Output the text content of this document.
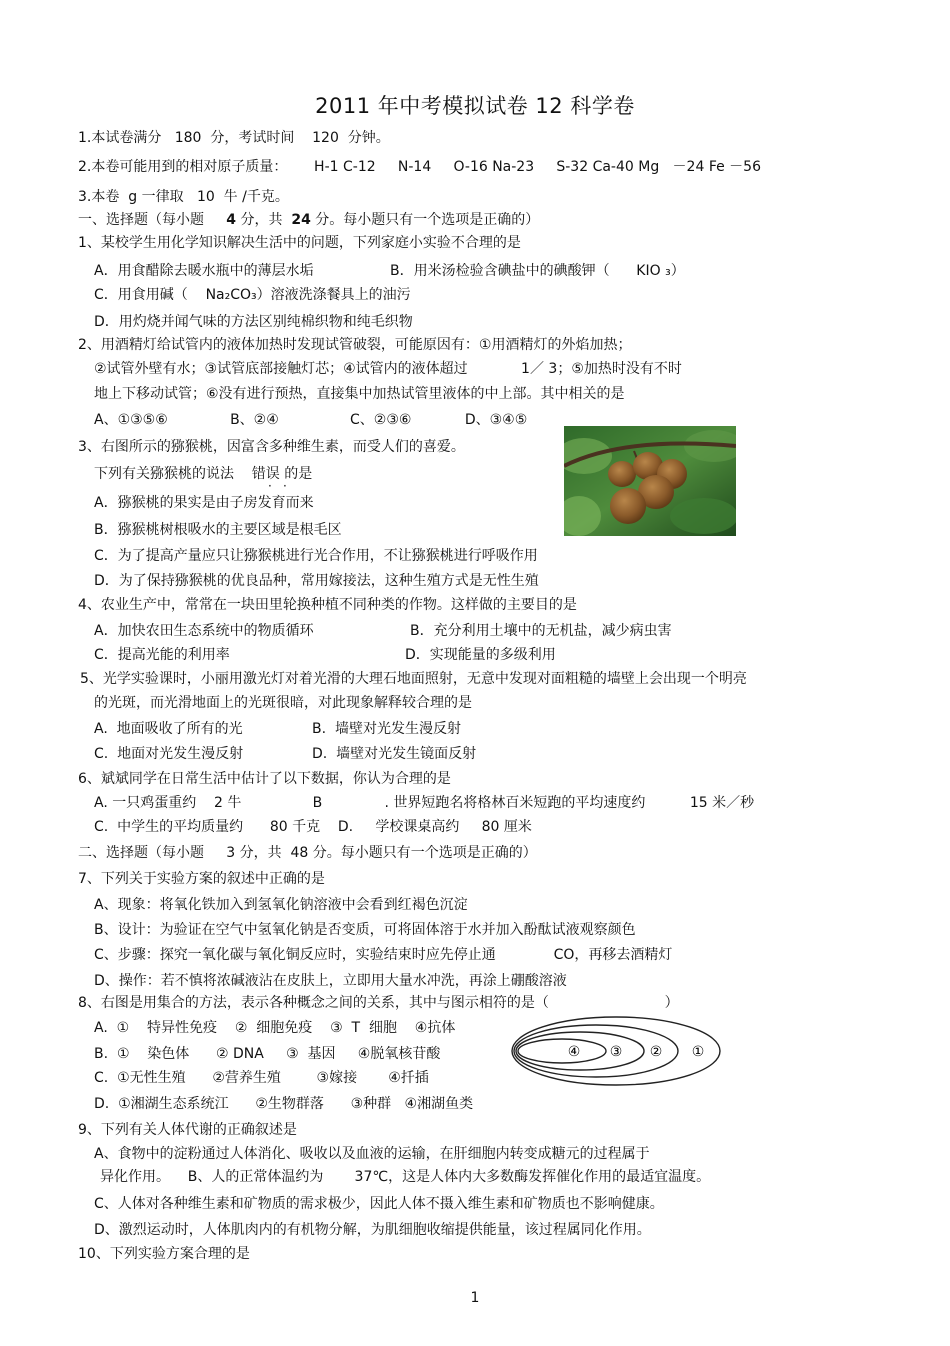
2011 年中考模拟试卷 12 科学卷
1.本试卷满分   180  分，考试时间    120  分钟。
2.本卷可能用到的相对原子质量：      H-1 C-12     N-14     O-16 Na-23     S-32 Ca-40 Mg   －24 Fe －56
3.本卷  g 一律取   10  牛 /千克。
一、选择题（每小题     4 分，共  24 分。每小题只有一个选项是正确的）
1、某校学生用化学知识解决生活中的问题，下列家庭小实验不合理的是
A．用食醋除去暖水瓶中的薄层水垢	B．用米汤检验含碘盐中的碘酸钾（      KIO ₃）
C．用食用碱（    Na₂CO₃）溶液洗涤餐具上的油污
D．用灼烧并闻气味的方法区别纯棉织物和纯毛织物
2、用酒精灯给试管内的液体加热时发现试管破裂，可能原因有：①用酒精灯的外焰加热；
②试管外壁有水；③试管底部接触灯芯；④试管内的液体超过            1／ 3；⑤加热时没有不时
地上下移动试管；⑥没有进行预热，直接集中加热试管里液体的中上部。其中相关的是
A、①③⑤⑥              B、②④                C、②③⑥            D、③④⑤
3、右图所示的猕猴桃，因富含多种维生素，而受人们的喜爱。
下列有关猕猴桃的说法    错误 的是
· ·
A．猕猴桃的果实是由子房发育而来
B．猕猴桃树根吸水的主要区域是根毛区
C．为了提高产量应只让猕猴桃进行光合作用，不让猕猴桃进行呼吸作用
D．为了保持猕猴桃的优良品种，常用嫁接法，这种生殖方式是无性生殖
4、农业生产中，常常在一块田里轮换种植不同种类的作物。这样做的主要目的是
A．加快农田生态系统中的物质循环	B．充分利用土壤中的无机盐，减少病虫害
C．提高光能的利用率	D．实现能量的多级利用
5、光学实验课时，小丽用激光灯对着光滑的大理石地面照射，无意中发现对面粗糙的墙壁上会出现一个明亮
的光斑，而光滑地面上的光斑很暗，对此现象解释较合理的是
A.  地面吸收了所有的光	B.  墙壁对光发生漫反射
C.  地面对光发生漫反射	D.  墙壁对光发生镜面反射
6、斌斌同学在日常生活中估计了以下数据，你认为合理的是
A. 一只鸡蛋重约    2 牛                B              . 世界短跑名将格林百米短跑的平均速度约          15 米／秒
C.  中学生的平均质量约      80 千克    D.     学校课桌高约     80 厘米
二、选择题（每小题     3 分，共  48 分。每小题只有一个选项是正确的）
7、下列关于实验方案的叙述中正确的是
A、现象：将氧化铁加入到氢氧化钠溶液中会看到红褐色沉淀
B、设计：为验证在空气中氢氧化钠是否变质，可将固体溶于水并加入酚酞试液观察颜色
C、步骤：探究一氧化碳与氧化铜反应时，实验结束时应先停止通             CO，再移去酒精灯
D、操作：若不慎将浓碱液沾在皮肤上，立即用大量水冲洗，再涂上硼酸溶液
8、右图是用集合的方法，表示各种概念之间的关系，其中与图示相符的是（                          ）
A.  ①    特异性免疫    ②  细胞免疫    ③  T  细胞    ④抗体
B.  ①    染色体      ② DNA     ③  基因     ④脱氧核苷酸
C.  ①无性生殖      ②营养生殖        ③嫁接       ④扦插
D.  ①湘湖生态系统江      ②生物群落      ③种群   ④湘湖鱼类
④ ③ ② ①
9、下列有关人体代谢的正确叙述是
A、食物中的淀粉通过人体消化、吸收以及血液的运输，在肝细胞内转变成糖元的过程属于
异化作用。    B、人的正常体温约为       37℃，这是人体内大多数酶发挥催化作用的最适宜温度。
C、人体对各种维生素和矿物质的需求极少，因此人体不摄入维生素和矿物质也不影响健康。
D、激烈运动时，人体肌肉内的有机物分解，为肌细胞收缩提供能量，该过程属同化作用。
10、下列实验方案合理的是
1
